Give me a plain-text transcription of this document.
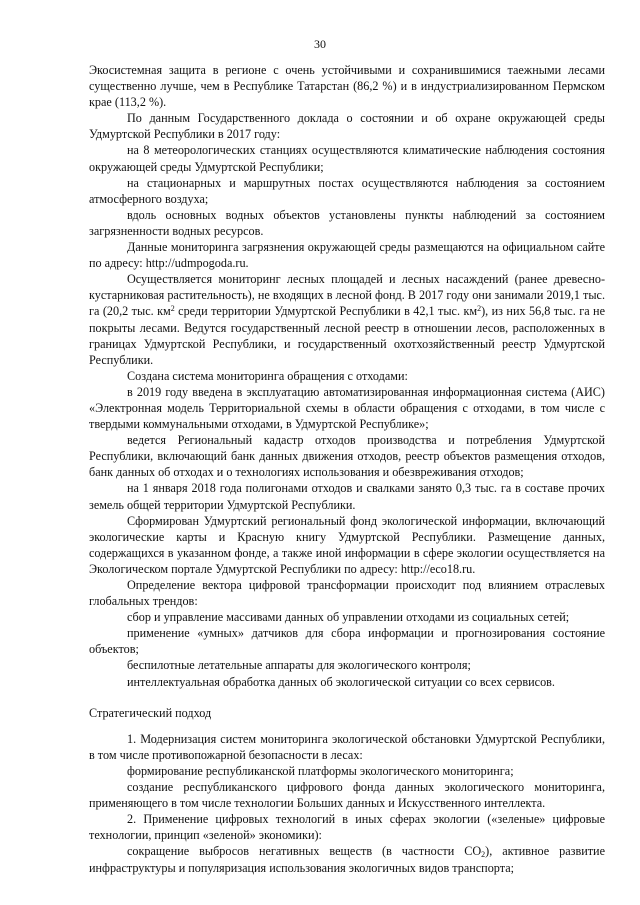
30

Экосистемная защита в регионе с очень устойчивыми и сохранившимися таежными лесами существенно лучше, чем в Республике Татарстан (86,2 %) и в индустриализированном Пермском крае (113,2 %).

По данным Государственного доклада о состоянии и об охране окружающей среды Удмуртской Республики в 2017 году:

на 8 метеорологических станциях осуществляются климатические наблюдения состояния окружающей среды Удмуртской Республики;

на стационарных и маршрутных постах осуществляются наблюдения за состоянием атмосферного воздуха;

вдоль основных водных объектов установлены пункты наблюдений за состоянием загрязненности водных ресурсов.

Данные мониторинга загрязнения окружающей среды размещаются на официальном сайте по адресу: http://udmpogoda.ru.

Осуществляется мониторинг лесных площадей и лесных насаждений (ранее древесно-кустарниковая растительность), не входящих в лесной фонд. В 2017 году они занимали 2019,1 тыс. га (20,2 тыс. $км^2$ среди территории Удмуртской Республики в 42,1 тыс. $км^2$), из них 56,8 тыс. га не покрыты лесами. Ведутся государственный лесной реестр в отношении лесов, расположенных в границах Удмуртской Республики, и государственный охотхозяйственный реестр Удмуртской Республики.

Создана система мониторинга обращения с отходами:

в 2019 году введена в эксплуатацию автоматизированная информационная система (АИС) «Электронная модель Территориальной схемы в области обращения с отходами, в том числе с твердыми коммунальными отходами, в Удмуртской Республике»;

ведется Региональный кадастр отходов производства и потребления Удмуртской Республики, включающий банк данных движения отходов, реестр объектов размещения отходов, банк данных об отходах и о технологиях использования и обезвреживания отходов;

на 1 января 2018 года полигонами отходов и свалками занято 0,3 тыс. га в составе прочих земель общей территории Удмуртской Республики.

Сформирован Удмуртский региональный фонд экологической информации, включающий экологические карты и Красную книгу Удмуртской Республики. Размещение данных, содержащихся в указанном фонде, а также иной информации в сфере экологии осуществляется на Экологическом портале Удмуртской Республики по адресу: http://eco18.ru.

Определение вектора цифровой трансформации происходит под влиянием отраслевых глобальных трендов:

сбор и управление массивами данных об управлении отходами из социальных сетей;

применение «умных» датчиков для сбора информации и прогнозирования состояние объектов;

беспилотные летательные аппараты для экологического контроля;

интеллектуальная обработка данных об экологической ситуации со всех сервисов.

Стратегический подход

1. Модернизация систем мониторинга экологической обстановки Удмуртской Республики, в том числе противопожарной безопасности в лесах:

формирование республиканской платформы экологического мониторинга;

создание республиканского цифрового фонда данных экологического мониторинга, применяющего в том числе технологии Больших данных и Искусственного интеллекта.

2. Применение цифровых технологий в иных сферах экологии («зеленые» цифровые технологии, принцип «зеленой» экономики):

сокращение выбросов негативных веществ (в частности $CO_2$), активное развитие инфраструктуры и популяризация использования экологичных видов транспорта;
